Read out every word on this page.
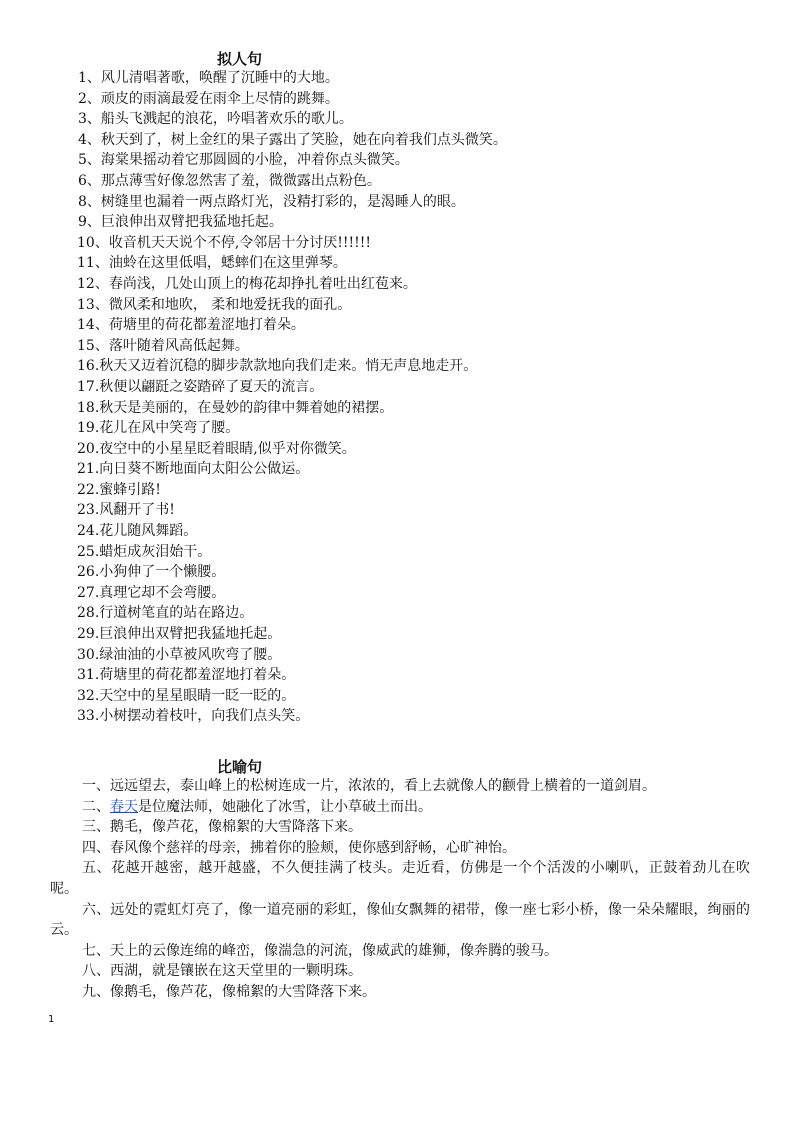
拟人句
1、风儿清唱著歌，唤醒了沉睡中的大地。
2、顽皮的雨滴最爱在雨伞上尽情的跳舞。
3、船头飞溅起的浪花，吟唱著欢乐的歌儿。
4、秋天到了，树上金红的果子露出了笑脸，她在向着我们点头微笑。
5、海棠果摇动着它那圆圆的小脸，冲着你点头微笑。
6、那点薄雪好像忽然害了羞，微微露出点粉色。
8、树缝里也漏着一两点路灯光，没精打彩的，是渴睡人的眼。
9、巨浪伸出双臂把我猛地托起。
10、收音机天天说个不停,令邻居十分讨厌!!!!!!
11、油蛉在这里低唱，蟋蟀们在这里弹琴。
12、春尚浅，几处山顶上的梅花却挣扎着吐出红苞来。
13、微风柔和地吹， 柔和地爱抚我的面孔。
14、荷塘里的荷花都羞涩地打着朵。
15、落叶随着风高低起舞。
16.秋天又迈着沉稳的脚步款款地向我们走来。悄无声息地走开。
17.秋便以翩跹之姿踏碎了夏天的流言。
18.秋天是美丽的，在曼妙的韵律中舞着她的裙摆。
19.花儿在风中笑弯了腰。
20.夜空中的小星星眨着眼睛,似乎对你微笑。
21.向日葵不断地面向太阳公公做运。
22.蜜蜂引路!
23.风翻开了书!
24.花儿随风舞蹈。
25.蜡炬成灰泪始干。
26.小狗伸了一个懒腰。
27.真理它却不会弯腰。
28.行道树笔直的站在路边。
29.巨浪伸出双臂把我猛地托起。
30.绿油油的小草被风吹弯了腰。
31.荷塘里的荷花都羞涩地打着朵。
32.天空中的星星眼睛一眨一眨的。
33.小树摆动着枝叶，向我们点头笑。
比喻句

一、远远望去，泰山峰上的松树连成一片，浓浓的，看上去就像人的颧骨上横着的一道剑眉。

二、春天是位魔法师，她融化了冰雪，让小草破土而出。

三、鹅毛，像芦花，像棉絮的大雪降落下来。

四、春风像个慈祥的母亲，拂着你的脸颊，使你感到舒畅，心旷神怡。

五、花越开越密，越开越盛，不久便挂满了枝头。走近看，仿佛是一个个活泼的小喇叭，正鼓着劲儿在吹呢。

六、远处的霓虹灯亮了，像一道亮丽的彩虹，像仙女飘舞的裙带，像一座七彩小桥，像一朵朵耀眼，绚丽的云。

七、天上的云像连绵的峰峦，像湍急的河流，像威武的雄狮，像奔腾的骏马。

八、西湖，就是镶嵌在这天堂里的一颗明珠。

九、像鹅毛，像芦花，像棉絮的大雪降落下来。

1
